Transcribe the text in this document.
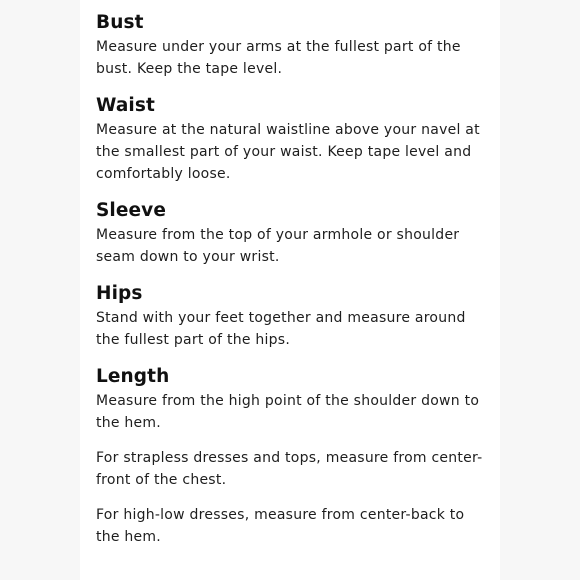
Bust
Measure under your arms at the fullest part of the bust. Keep the tape level.
Waist
Measure at the natural waistline above your navel at the smallest part of your waist. Keep tape level and comfortably loose.
Sleeve
Measure from the top of your armhole or shoulder seam down to your wrist.
Hips
Stand with your feet together and measure around the fullest part of the hips.
Length
Measure from the high point of the shoulder down to the hem.
For strapless dresses and tops, measure from center-front of the chest.
For high-low dresses, measure from center-back to the hem.
